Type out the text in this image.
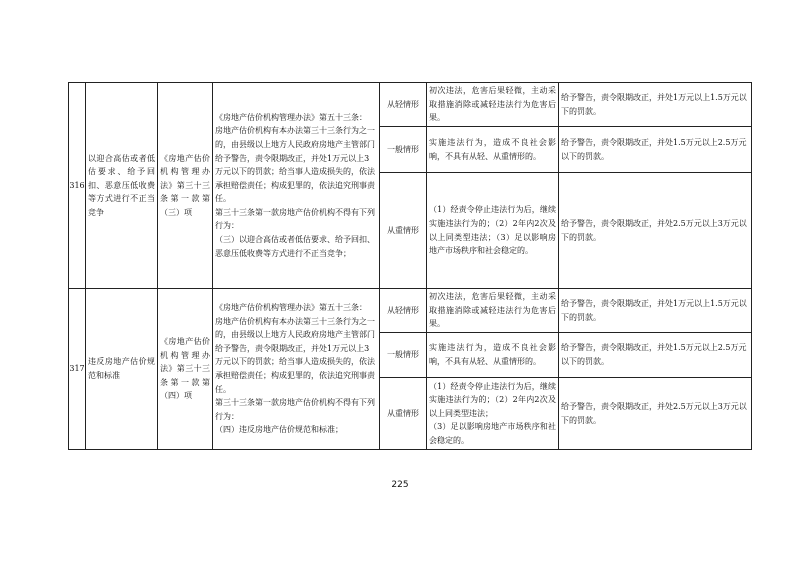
316	以迎合高估或者低估要求、给予回扣、恶意压低收费等方式进行不正当竞争	《房地产估价机构管理办法》第三十三条第一款第（三）项	《房地产估价机构管理办法》第五十三条：
房地产估价机构有本办法第三十三条行为之一的，由县级以上地方人民政府房地产主管部门给予警告，责令限期改正，并处1万元以上3万元以下的罚款；给当事人造成损失的，依法承担赔偿责任；构成犯罪的，依法追究刑事责任。
第三十三条第一款房地产估价机构不得有下列行为：
（三）以迎合高估或者低估要求、给予回扣、恶意压低收费等方式进行不正当竞争；	从轻情形	初次违法，危害后果轻微，主动采取措施消除或减轻违法行为危害后果。	给予警告，责令限期改正，并处1万元以上1.5万元以下的罚款。
				一般情形	实施违法行为，造成不良社会影响，不具有从轻、从重情形的。	给予警告，责令限期改正，并处1.5万元以上2.5万元以下的罚款。
				从重情形	（1）经责令停止违法行为后，继续实施违法行为的；（2）2年内2次及以上同类型违法；（3）足以影响房地产市场秩序和社会稳定的。	给予警告，责令限期改正，并处2.5万元以上3万元以下的罚款。
317	违反房地产估价规范和标准	《房地产估价机构管理办法》第三十三条第一款第（四）项	《房地产估价机构管理办法》第五十三条：
房地产估价机构有本办法第三十三条行为之一的，由县级以上地方人民政府房地产主管部门给予警告，责令限期改正，并处1万元以上3万元以下的罚款；给当事人造成损失的，依法承担赔偿责任；构成犯罪的，依法追究刑事责任。
第三十三条第一款房地产估价机构不得有下列行为：
（四）违反房地产估价规范和标准；	从轻情形	初次违法，危害后果轻微，主动采取措施消除或减轻违法行为危害后果。	给予警告，责令限期改正，并处1万元以上1.5万元以下的罚款。
				一般情形	实施违法行为，造成不良社会影响，不具有从轻、从重情形的。	给予警告，责令限期改正，并处1.5万元以上2.5万元以下的罚款。
				从重情形	（1）经责令停止违法行为后，继续实施违法行为的；（2）2年内2次及以上同类型违法；
（3）足以影响房地产市场秩序和社会稳定的。	给予警告，责令限期改正，并处2.5万元以上3万元以下的罚款。
225
